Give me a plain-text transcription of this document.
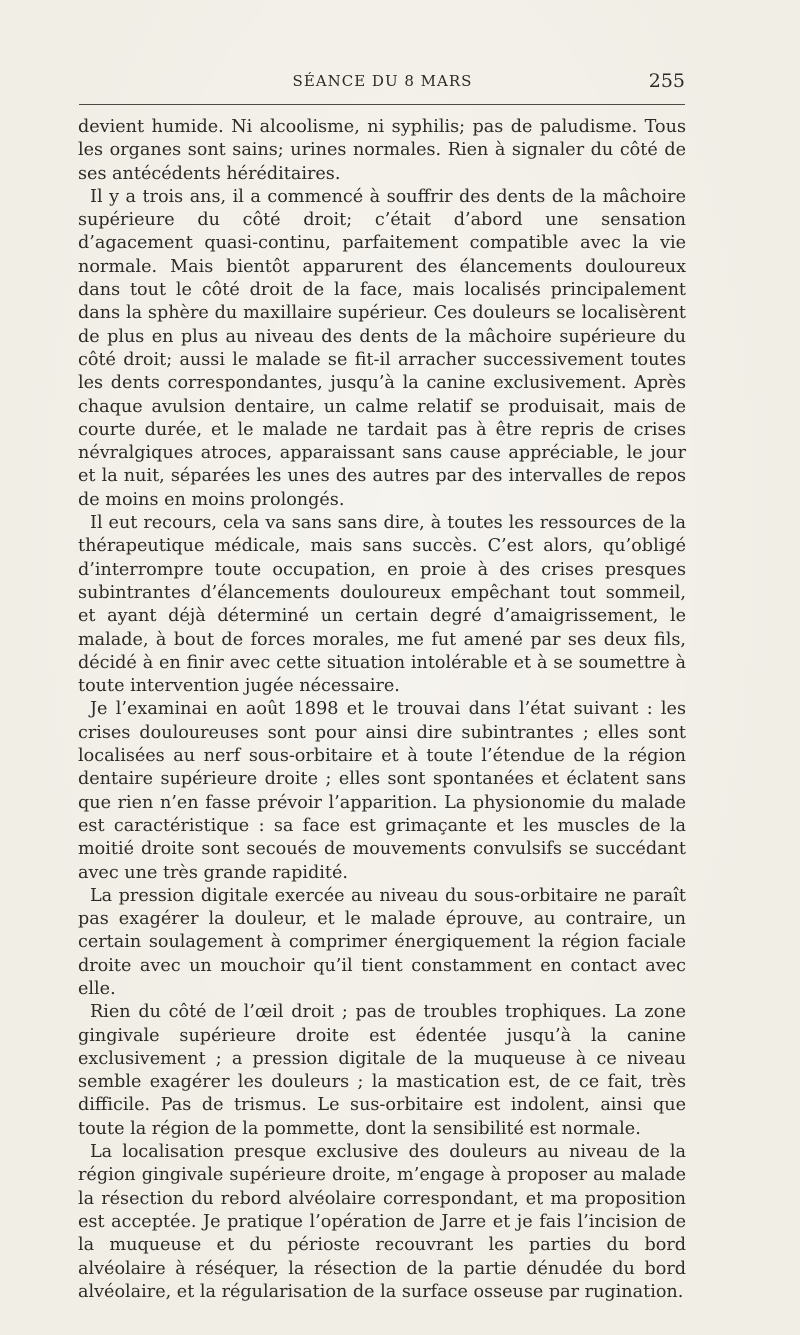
SÉANCE DU 8 MARS	255

devient humide. Ni alcoolisme, ni syphilis; pas de paludisme. Tous les organes sont sains; urines normales. Rien à signaler du côté de ses antécédents héréditaires.

Il y a trois ans, il a commencé à souffrir des dents de la mâchoire supérieure du côté droit; c’était d’abord une sensation d’agacement quasi-continu, parfaitement compatible avec la vie normale. Mais bientôt apparurent des élancements douloureux dans tout le côté droit de la face, mais localisés principalement dans la sphère du maxillaire supérieur. Ces douleurs se localisèrent de plus en plus au niveau des dents de la mâchoire supérieure du côté droit; aussi le malade se fit-il arracher successivement toutes les dents correspondantes, jusqu’à la canine exclusivement. Après chaque avulsion dentaire, un calme relatif se produisait, mais de courte durée, et le malade ne tardait pas à être repris de crises névralgiques atroces, apparaissant sans cause appréciable, le jour et la nuit, séparées les unes des autres par des intervalles de repos de moins en moins prolongés.

Il eut recours, cela va sans sans dire, à toutes les ressources de la thérapeutique médicale, mais sans succès. C’est alors, qu’obligé d’interrompre toute occupation, en proie à des crises presques subintrantes d’élancements douloureux empêchant tout sommeil, et ayant déjà déterminé un certain degré d’amaigrissement, le malade, à bout de forces morales, me fut amené par ses deux fils, décidé à en finir avec cette situation intolérable et à se soumettre à toute intervention jugée nécessaire.

Je l’examinai en août 1898 et le trouvai dans l’état suivant : les crises douloureuses sont pour ainsi dire subintrantes ; elles sont localisées au nerf sous-orbitaire et à toute l’étendue de la région dentaire supérieure droite ; elles sont spontanées et éclatent sans que rien n’en fasse prévoir l’apparition. La physionomie du malade est caractéristique : sa face est grimaçante et les muscles de la moitié droite sont secoués de mouvements convulsifs se succédant avec une très grande rapidité.

La pression digitale exercée au niveau du sous-orbitaire ne paraît pas exagérer la douleur, et le malade éprouve, au contraire, un certain soulagement à comprimer énergiquement la région faciale droite avec un mouchoir qu’il tient constamment en contact avec elle.

Rien du côté de l’œil droit ; pas de troubles trophiques. La zone gingivale supérieure droite est édentée jusqu’à la canine exclusivement ; a pression digitale de la muqueuse à ce niveau semble exagérer les douleurs ; la mastication est, de ce fait, très difficile. Pas de trismus. Le sus-orbitaire est indolent, ainsi que toute la région de la pommette, dont la sensibilité est normale.

La localisation presque exclusive des douleurs au niveau de la région gingivale supérieure droite, m’engage à proposer au malade la résection du rebord alvéolaire correspondant, et ma proposition est acceptée. Je pratique l’opération de Jarre et je fais l’incision de la muqueuse et du périoste recouvrant les parties du bord alvéolaire à réséquer, la résection de la partie dénudée du bord alvéolaire, et la régularisation de la surface osseuse par rugination.
